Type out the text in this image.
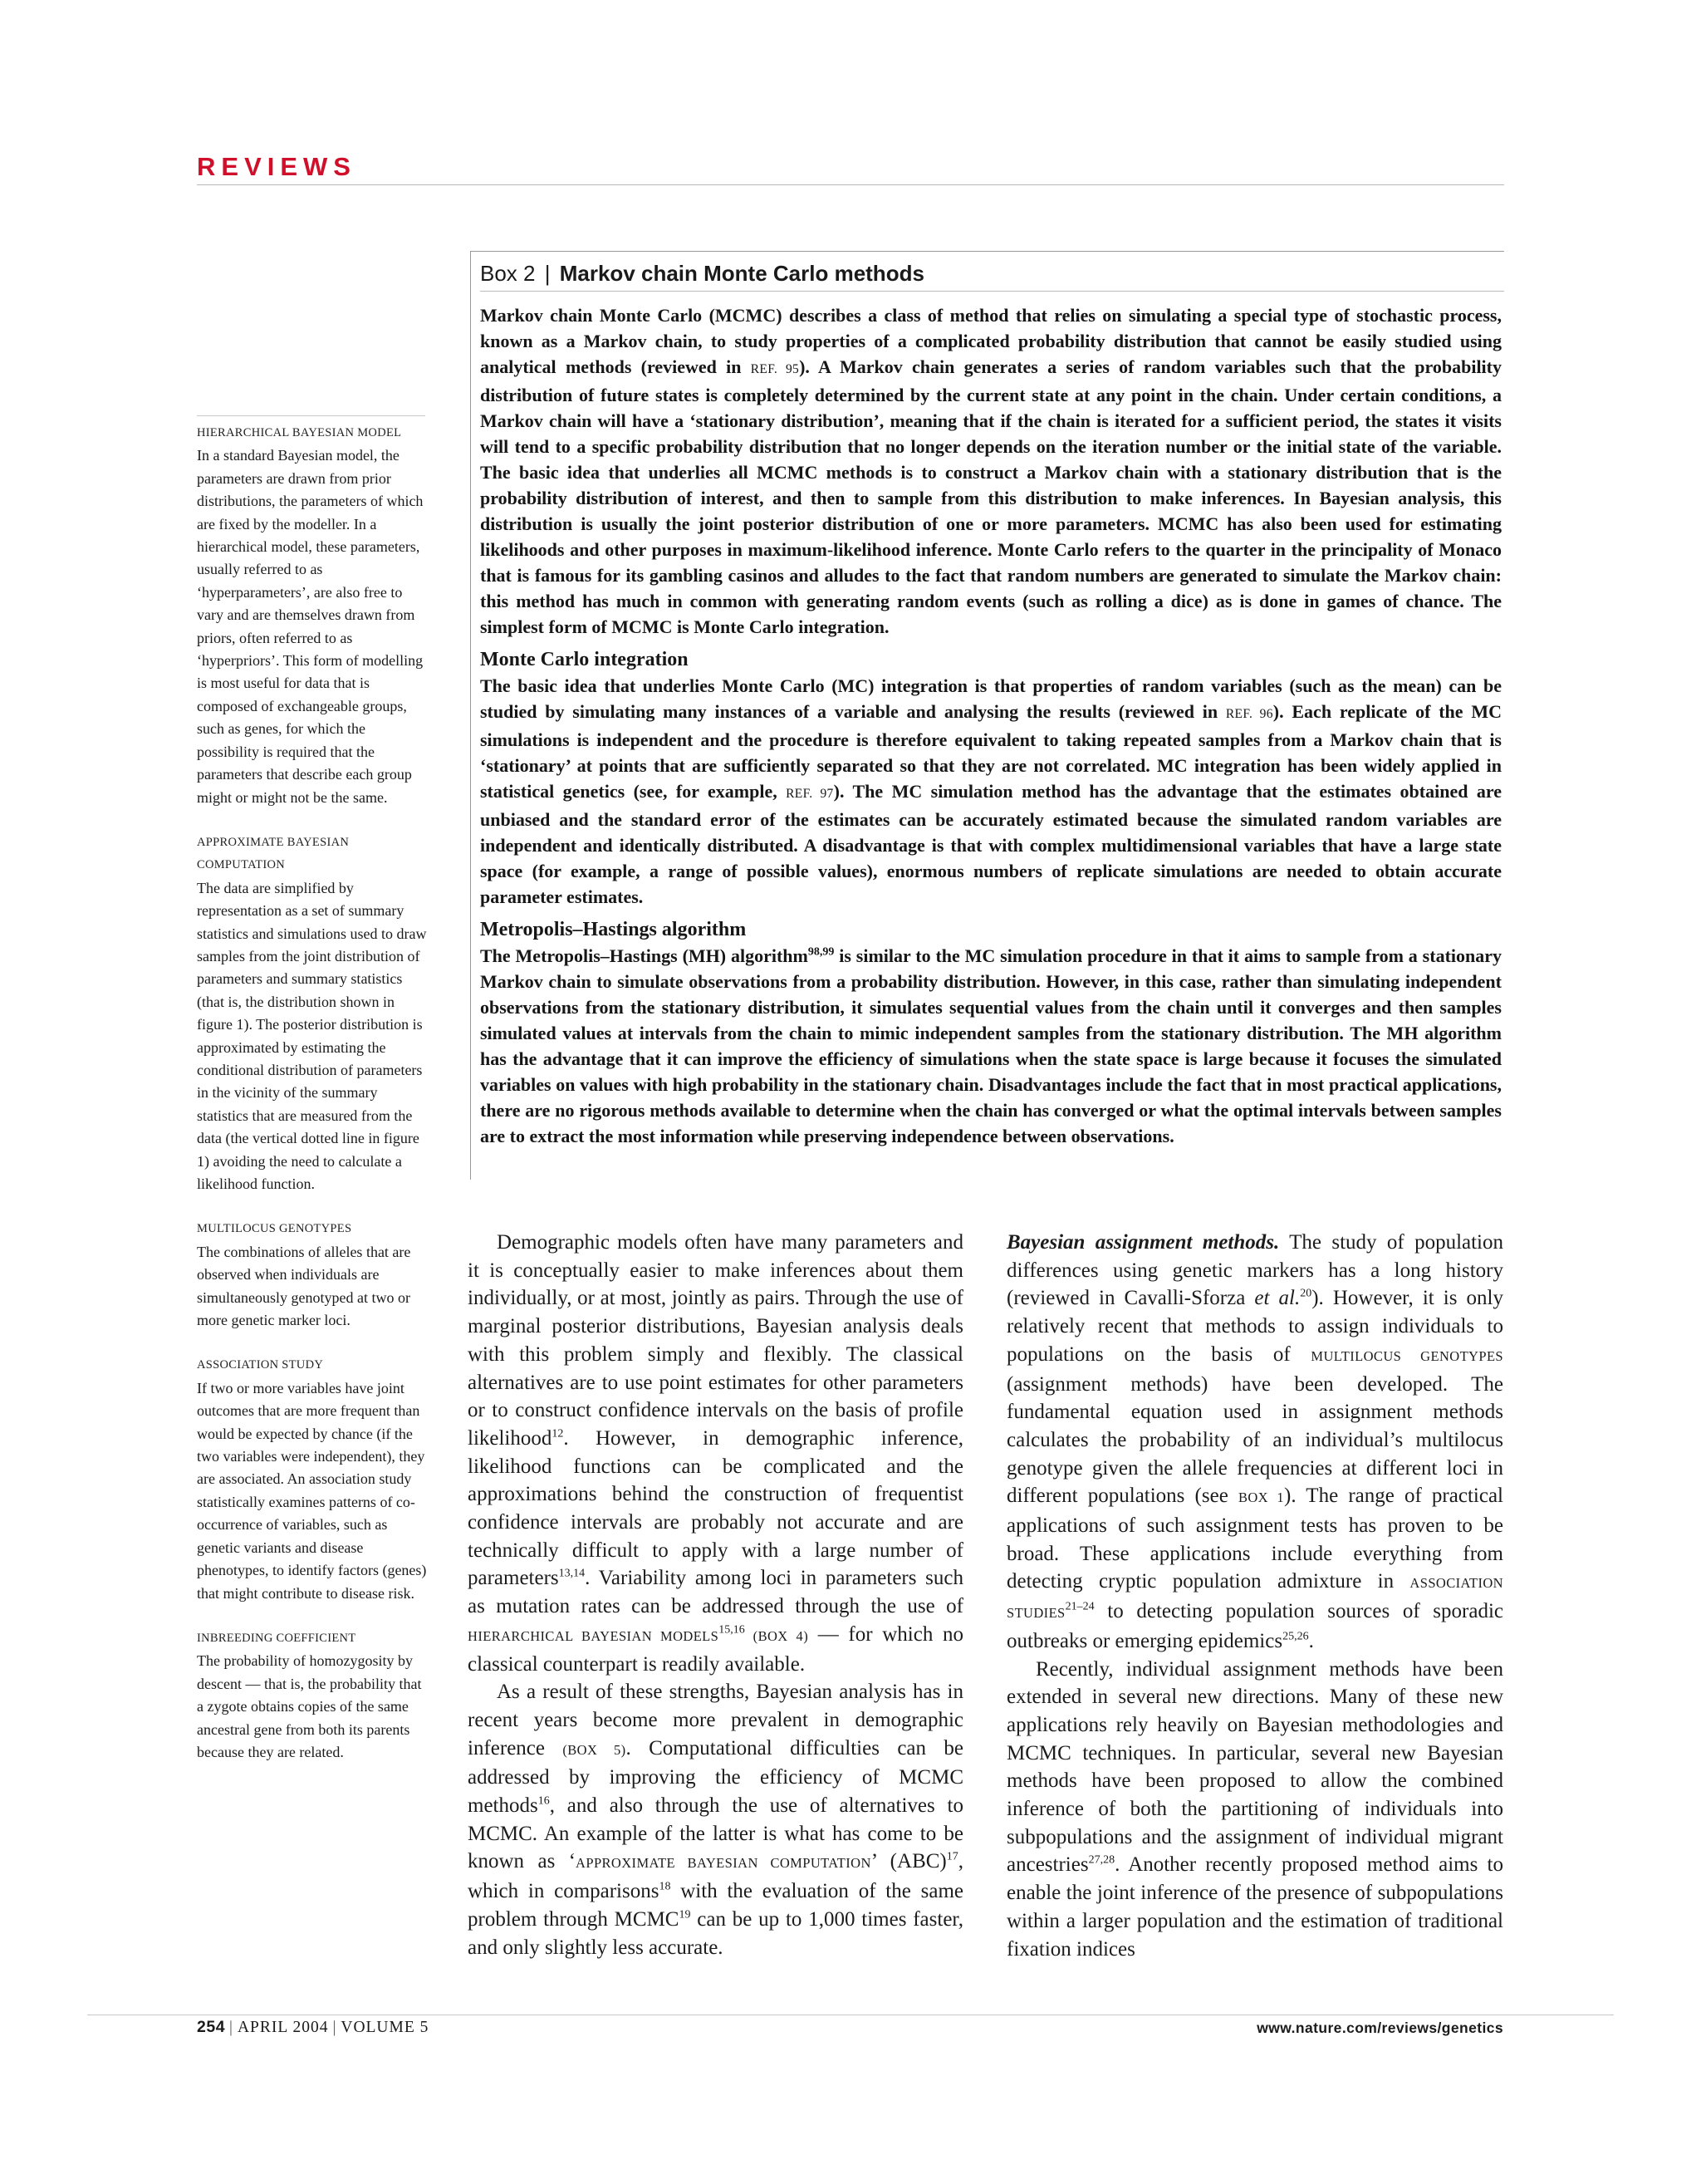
REVIEWS
HIERARCHICAL BAYESIAN MODEL

In a standard Bayesian model, the parameters are drawn from prior distributions, the parameters of which are fixed by the modeller. In a hierarchical model, these parameters, usually referred to as ‘hyperparameters’, are also free to vary and are themselves drawn from priors, often referred to as ‘hyperpriors’. This form of modelling is most useful for data that is composed of exchangeable groups, such as genes, for which the possibility is required that the parameters that describe each group might or might not be the same.

APPROXIMATE BAYESIAN COMPUTATION

The data are simplified by representation as a set of summary statistics and simulations used to draw samples from the joint distribution of parameters and summary statistics (that is, the distribution shown in figure 1). The posterior distribution is approximated by estimating the conditional distribution of parameters in the vicinity of the summary statistics that are measured from the data (the vertical dotted line in figure 1) avoiding the need to calculate a likelihood function.

MULTILOCUS GENOTYPES

The combinations of alleles that are observed when individuals are simultaneously genotyped at two or more genetic marker loci.

ASSOCIATION STUDY

If two or more variables have joint outcomes that are more frequent than would be expected by chance (if the two variables were independent), they are associated. An association study statistically examines patterns of co-occurrence of variables, such as genetic variants and disease phenotypes, to identify factors (genes) that might contribute to disease risk.

INBREEDING COEFFICIENT

The probability of homozygosity by descent — that is, the probability that a zygote obtains copies of the same ancestral gene from both its parents because they are related.

Box 2 | Markov chain Monte Carlo methods

Markov chain Monte Carlo (MCMC) describes a class of method that relies on simulating a special type of stochastic process, known as a Markov chain, to study properties of a complicated probability distribution that cannot be easily studied using analytical methods (reviewed in REF. 95). A Markov chain generates a series of random variables such that the probability distribution of future states is completely determined by the current state at any point in the chain. Under certain conditions, a Markov chain will have a ‘stationary distribution’, meaning that if the chain is iterated for a sufficient period, the states it visits will tend to a specific probability distribution that no longer depends on the iteration number or the initial state of the variable. The basic idea that underlies all MCMC methods is to construct a Markov chain with a stationary distribution that is the probability distribution of interest, and then to sample from this distribution to make inferences. In Bayesian analysis, this distribution is usually the joint posterior distribution of one or more parameters. MCMC has also been used for estimating likelihoods and other purposes in maximum-likelihood inference. Monte Carlo refers to the quarter in the principality of Monaco that is famous for its gambling casinos and alludes to the fact that random numbers are generated to simulate the Markov chain: this method has much in common with generating random events (such as rolling a dice) as is done in games of chance. The simplest form of MCMC is Monte Carlo integration.

Monte Carlo integration

The basic idea that underlies Monte Carlo (MC) integration is that properties of random variables (such as the mean) can be studied by simulating many instances of a variable and analysing the results (reviewed in REF. 96). Each replicate of the MC simulations is independent and the procedure is therefore equivalent to taking repeated samples from a Markov chain that is ‘stationary’ at points that are sufficiently separated so that they are not correlated. MC integration has been widely applied in statistical genetics (see, for example, REF. 97). The MC simulation method has the advantage that the estimates obtained are unbiased and the standard error of the estimates can be accurately estimated because the simulated random variables are independent and identically distributed. A disadvantage is that with complex multidimensional variables that have a large state space (for example, a range of possible values), enormous numbers of replicate simulations are needed to obtain accurate parameter estimates.

Metropolis–Hastings algorithm

The Metropolis–Hastings (MH) algorithm$^{98,99}$ is similar to the MC simulation procedure in that it aims to sample from a stationary Markov chain to simulate observations from a probability distribution. However, in this case, rather than simulating independent observations from the stationary distribution, it simulates sequential values from the chain until it converges and then samples simulated values at intervals from the chain to mimic independent samples from the stationary distribution. The MH algorithm has the advantage that it can improve the efficiency of simulations when the state space is large because it focuses the simulated variables on values with high probability in the stationary chain. Disadvantages include the fact that in most practical applications, there are no rigorous methods available to determine when the chain has converged or what the optimal intervals between samples are to extract the most information while preserving independence between observations.

Demographic models often have many parameters and it is conceptually easier to make inferences about them individually, or at most, jointly as pairs. Through the use of marginal posterior distributions, Bayesian analysis deals with this problem simply and flexibly. The classical alternatives are to use point estimates for other parameters or to construct confidence intervals on the basis of profile likelihood$^{12}$. However, in demographic inference, likelihood functions can be complicated and the approximations behind the construction of frequentist confidence intervals are probably not accurate and are technically difficult to apply with a large number of parameters$^{13,14}$. Variability among loci in parameters such as mutation rates can be addressed through the use of HIERARCHICAL BAYESIAN MODELS$^{15,16}$ (BOX 4) — for which no classical counterpart is readily available.

As a result of these strengths, Bayesian analysis has in recent years become more prevalent in demographic inference (BOX 5). Computational difficulties can be addressed by improving the efficiency of MCMC methods$^{16}$, and also through the use of alternatives to MCMC. An example of the latter is what has come to be known as ‘APPROXIMATE BAYESIAN COMPUTATION’ (ABC)$^{17}$, which in comparisons$^{18}$ with the evaluation of the same problem through MCMC$^{19}$ can be up to 1,000 times faster, and only slightly less accurate.

Bayesian assignment methods. The study of population differences using genetic markers has a long history (reviewed in Cavalli-Sforza et al.$^{20}$). However, it is only relatively recent that methods to assign individuals to populations on the basis of MULTILOCUS GENOTYPES (assignment methods) have been developed. The fundamental equation used in assignment methods calculates the probability of an individual’s multilocus genotype given the allele frequencies at different loci in different populations (see BOX 1). The range of practical applications of such assignment tests has proven to be broad. These applications include everything from detecting cryptic population admixture in ASSOCIATION STUDIES$^{21-24}$ to detecting population sources of sporadic outbreaks or emerging epidemics$^{25,26}$.

Recently, individual assignment methods have been extended in several new directions. Many of these new applications rely heavily on Bayesian methodologies and MCMC techniques. In particular, several new Bayesian methods have been proposed to allow the combined inference of both the partitioning of individuals into subpopulations and the assignment of individual migrant ancestries$^{27,28}$. Another recently proposed method aims to enable the joint inference of the presence of subpopulations within a larger population and the estimation of traditional fixation indices

254 | APRIL 2004 | VOLUME 5	www.nature.com/reviews/genetics
